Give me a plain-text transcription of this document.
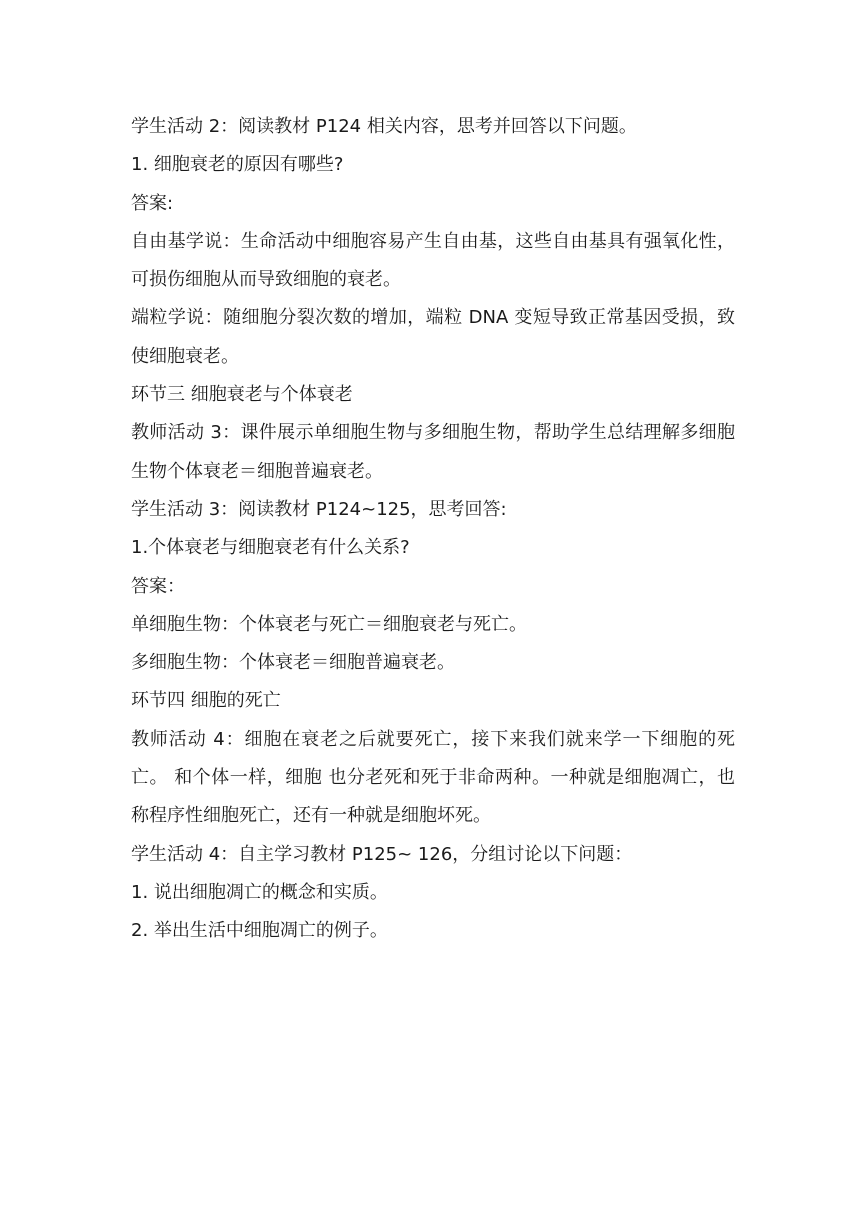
学生活动 2：阅读教材 P124 相关内容，思考并回答以下问题。
1. 细胞衰老的原因有哪些?
答案:
自由基学说：生命活动中细胞容易产生自由基，这些自由基具有强氧化性，可损伤细胞从而导致细胞的衰老。
端粒学说：随细胞分裂次数的增加，端粒 DNA 变短导致正常基因受损，致使细胞衰老。
环节三 细胞衰老与个体衰老
教师活动 3：课件展示单细胞生物与多细胞生物，帮助学生总结理解多细胞生物个体衰老＝细胞普遍衰老。
学生活动 3：阅读教材 P124~125，思考回答:
1.个体衰老与细胞衰老有什么关系?
答案：
单细胞生物：个体衰老与死亡＝细胞衰老与死亡。
多细胞生物：个体衰老＝细胞普遍衰老。
环节四 细胞的死亡
教师活动 4：细胞在衰老之后就要死亡，接下来我们就来学一下细胞的死亡。 和个体一样，细胞 也分老死和死于非命两种。一种就是细胞凋亡，也称程序性细胞死亡，还有一种就是细胞坏死。
学生活动 4：自主学习教材 P125~ 126，分组讨论以下问题：
1. 说出细胞凋亡的概念和实质。
2. 举出生活中细胞凋亡的例子。
